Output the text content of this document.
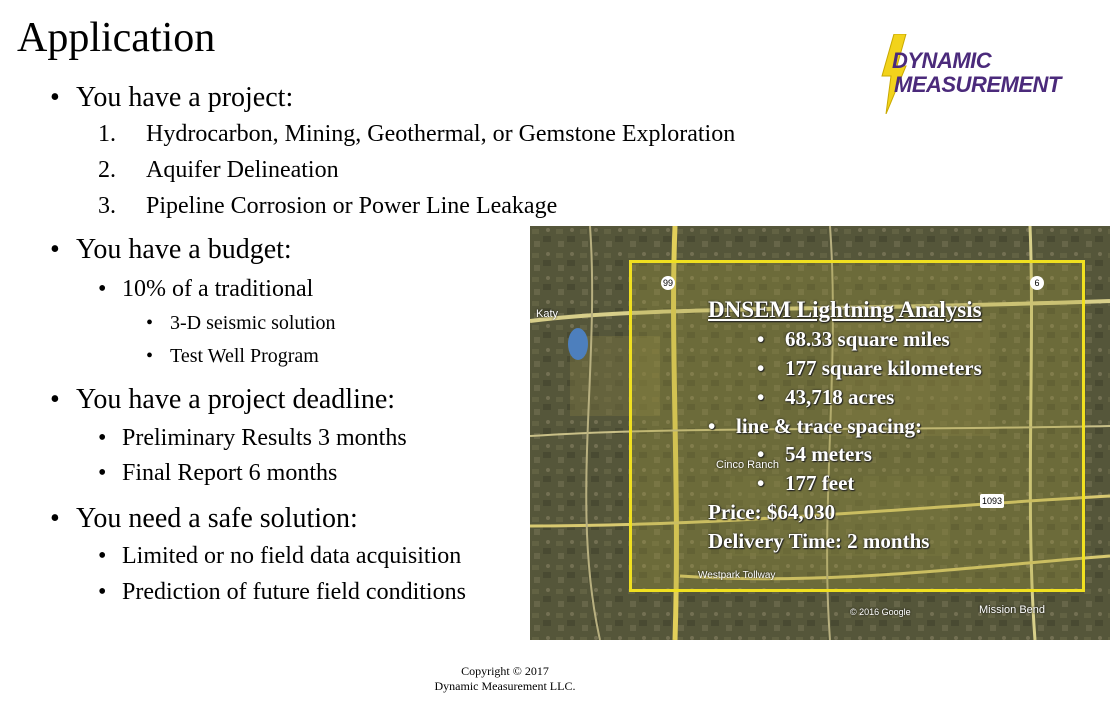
Application
• You have a project:
1. Hydrocarbon, Mining, Geothermal, or Gemstone Exploration
2. Aquifer Delineation
3. Pipeline Corrosion or Power Line Leakage
• You have a budget:
• 10% of a traditional
• 3-D seismic solution
• Test Well Program
• You have a project deadline:
• Preliminary Results 3 months
• Final Report 6 months
• You need a safe solution:
• Limited or no field data acquisition
• Prediction of future field conditions
DYNAMIC
MEASUREMENT
99	6
1093
Katy
Cinco Ranch
Mission Bend
Westpark Tollway
© 2016 Google
DNSEM Lightning Analysis
• 68.33 square miles
• 177 square kilometers
• 43,718 acres
• line & trace spacing:
• 54 meters
• 177 feet
Price: $64,030
Delivery Time: 2 months
Copyright © 2017
Dynamic Measurement LLC.
